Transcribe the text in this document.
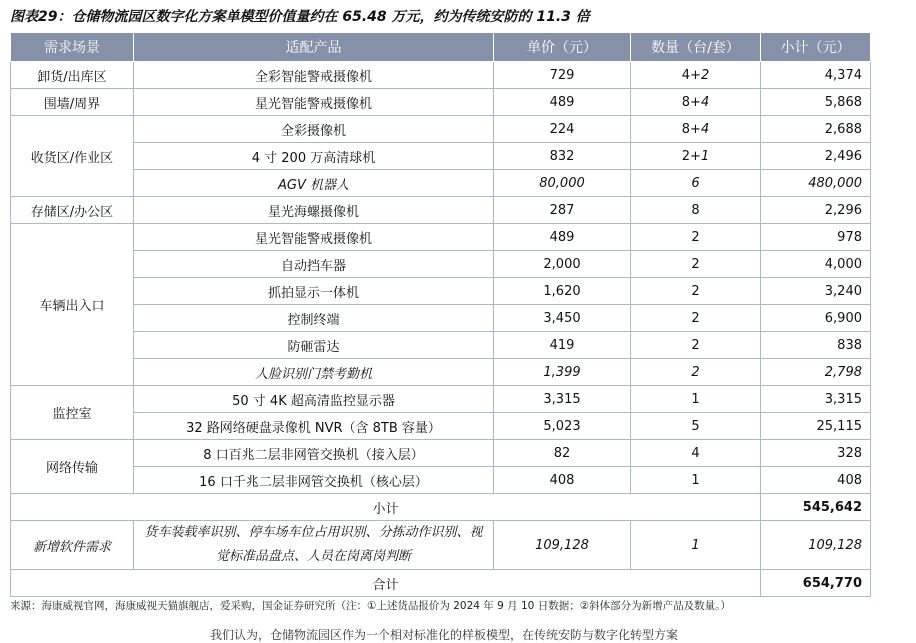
图表29：仓储物流园区数字化方案单模型价值量约在 65.48 万元，约为传统安防的 11.3 倍
需求场景	适配产品	单价（元）	数量（台/套）	小计（元）
卸货/出库区	全彩智能警戒摄像机	729	4+2	4,374
围墙/周界	星光智能警戒摄像机	489	8+4	5,868
收货区/作业区	全彩摄像机	224	8+4	2,688
	4 寸 200 万高清球机	832	2+1	2,496
	AGV 机器人	80,000	6	480,000
存储区/办公区	星光海螺摄像机	287	8	2,296
车辆出入口	星光智能警戒摄像机	489	2	978
	自动挡车器	2,000	2	4,000
	抓拍显示一体机	1,620	2	3,240
	控制终端	3,450	2	6,900
	防砸雷达	419	2	838
	人脸识别门禁考勤机	1,399	2	2,798
监控室	50 寸 4K 超高清监控显示器	3,315	1	3,315
	32 路网络硬盘录像机 NVR（含 8TB 容量）	5,023	5	25,115
网络传输	8 口百兆二层非网管交换机（接入层）	82	4	328
	16 口千兆二层非网管交换机（核心层）	408	1	408
小计				545,642
新增软件需求	货车装载率识别、停车场车位占用识别、分拣动作识别、视觉标准品盘点、人员在岗离岗判断	109,128	1	109,128
合计				654,770
来源：海康威视官网，海康威视天猫旗舰店，爱采购，国金证券研究所（注：①上述货品报价为 2024 年 9 月 10 日数据；②斜体部分为新增产品及数量。）
我们认为，仓储物流园区作为一个相对标准化的样板模型，在传统安防与数字化转型方案
